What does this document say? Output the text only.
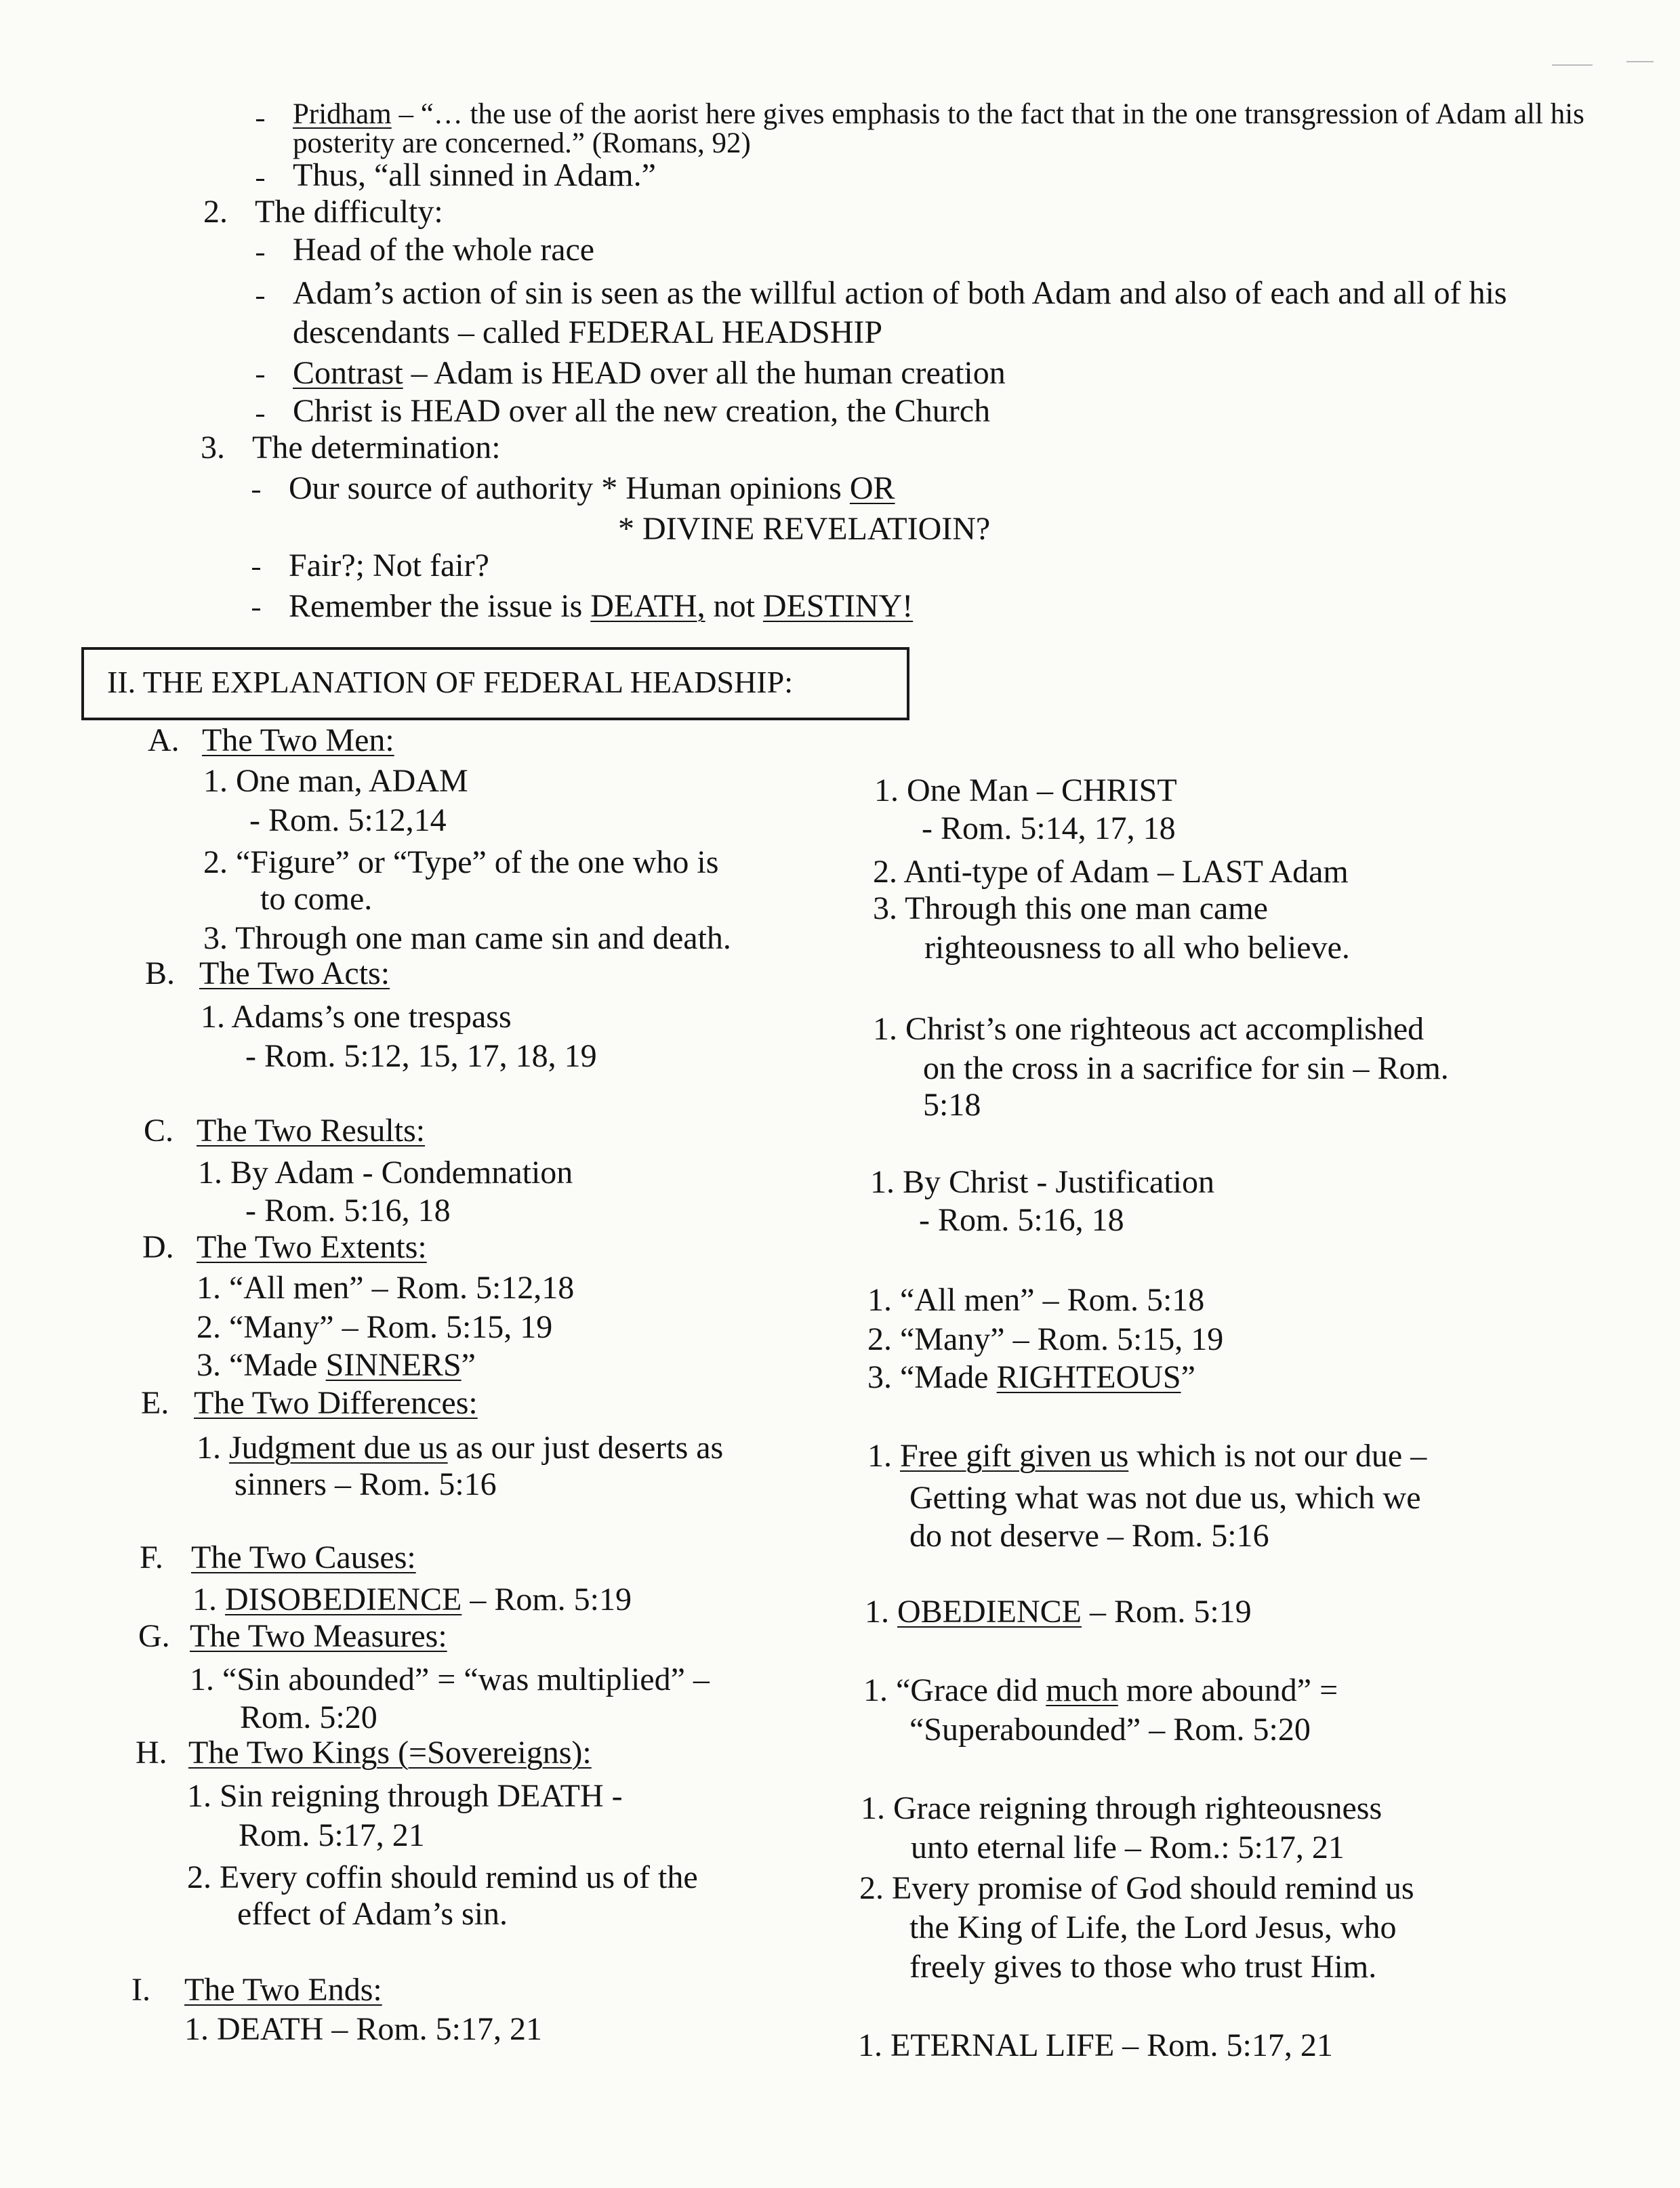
Pridham – “… the use of the aorist here gives emphasis to the fact that in the one transgression of Adam all his
posterity are concerned.” (Romans, 92)
Thus, “all sinned in Adam.”
2. The difficulty:
Head of the whole race
Adam’s action of sin is seen as the willful action of both Adam and also of each and all of his
descendants – called FEDERAL HEADSHIP
Contrast – Adam is HEAD over all the human creation
Christ is HEAD over all the new creation, the Church
3. The determination:
Our source of authority * Human opinions OR
* DIVINE REVELATIOIN?
Fair?; Not fair?
Remember the issue is DEATH, not DESTINY!
II. THE EXPLANATION OF FEDERAL HEADSHIP:
A. The Two Men:
1. One man, ADAM
- Rom. 5:12,14
2. “Figure” or “Type” of the one who is
to come.
3. Through one man came sin and death.
B. The Two Acts:
1. Adams’s one trespass
- Rom. 5:12, 15, 17, 18, 19
C. The Two Results:
1. By Adam - Condemnation
- Rom. 5:16, 18
D. The Two Extents:
1. “All men” – Rom. 5:12,18
2. “Many” – Rom. 5:15, 19
3. “Made SINNERS”
E. The Two Differences:
1. Judgment due us as our just deserts as
sinners – Rom. 5:16
F. The Two Causes:
1. DISOBEDIENCE – Rom. 5:19
G. The Two Measures:
1. “Sin abounded” = “was multiplied” –
Rom. 5:20
H. The Two Kings (=Sovereigns):
1. Sin reigning through DEATH -
Rom. 5:17, 21
2. Every coffin should remind us of the
effect of Adam’s sin.
I. The Two Ends:
1. DEATH – Rom. 5:17, 21
1. One Man – CHRIST
- Rom. 5:14, 17, 18
2. Anti-type of Adam – LAST Adam
3. Through this one man came
righteousness to all who believe.
1. Christ’s one righteous act accomplished
on the cross in a sacrifice for sin – Rom.
5:18
1. By Christ - Justification
- Rom. 5:16, 18
1. “All men” – Rom. 5:18
2. “Many” – Rom. 5:15, 19
3. “Made RIGHTEOUS”
1. Free gift given us which is not our due –
Getting what was not due us, which we
do not deserve – Rom. 5:16
1. OBEDIENCE – Rom. 5:19
1. “Grace did much more abound” =
“Superabounded” – Rom. 5:20
1. Grace reigning through righteousness
unto eternal life – Rom.: 5:17, 21
2. Every promise of God should remind us
the King of Life, the Lord Jesus, who
freely gives to those who trust Him.
1. ETERNAL LIFE – Rom. 5:17, 21
